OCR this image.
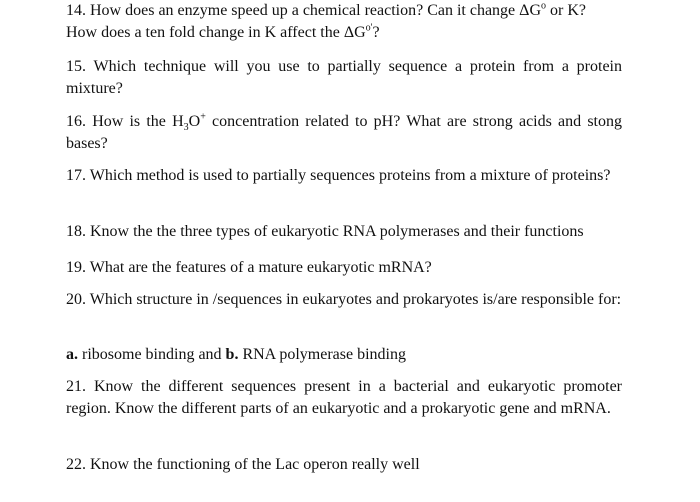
14. How does an enzyme speed up a chemical reaction? Can it change $\Delta G^o$ or K?
How does a ten fold change in K affect the $\Delta G^{o'}$?

15. Which technique will you use to partially sequence a protein from a protein mixture?

16. How is the $H_3O^+$ concentration related to pH? What are strong acids and stong bases?

17. Which method is used to partially sequences proteins from a mixture of proteins?

18. Know the the three types of eukaryotic RNA polymerases and their functions

19. What are the features of a mature eukaryotic mRNA?

20. Which structure in /sequences in eukaryotes and prokaryotes is/are responsible for:

a. ribosome binding and b. RNA polymerase binding

21. Know the different sequences present in a bacterial and eukaryotic promoter region. Know the different parts of an eukaryotic and a prokaryotic gene and mRNA.

22. Know the functioning of the Lac operon really well
